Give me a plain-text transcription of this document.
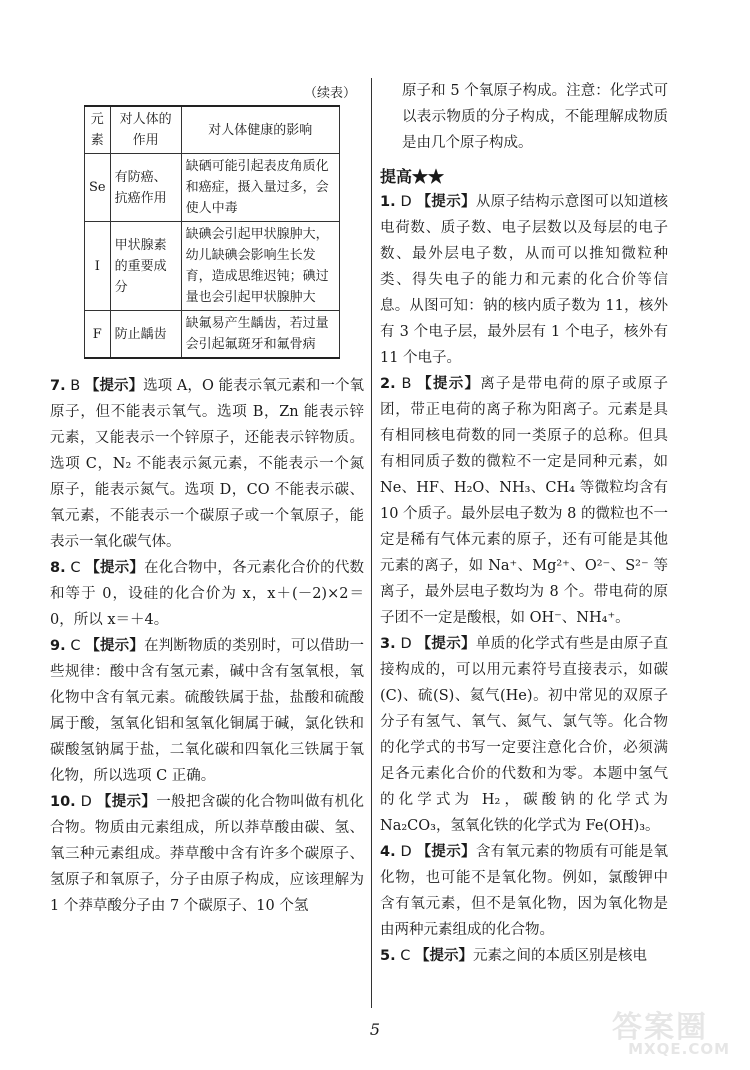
（续表）
元素	对人体的作用	对人体健康的影响
Se	有防癌、抗癌作用	缺硒可能引起表皮角质化和癌症，摄入量过多，会使人中毒
I	甲状腺素的重要成分	缺碘会引起甲状腺肿大，幼儿缺碘会影响生长发育，造成思维迟钝；碘过量也会引起甲状腺肿大
F	防止龋齿	缺氟易产生龋齿，若过量会引起氟斑牙和氟骨病

7. B 【提示】选项 A，O 能表示氧元素和一个氧原子，但不能表示氧气。选项 B，Zn 能表示锌元素，又能表示一个锌原子，还能表示锌物质。选项 C，N₂ 不能表示氮元素，不能表示一个氮原子，能表示氮气。选项 D，CO 不能表示碳、氧元素，不能表示一个碳原子或一个氧原子，能表示一氧化碳气体。

8. C 【提示】在化合物中，各元素化合价的代数和等于 0，设硅的化合价为 x，x＋(－2)×2＝0，所以 x＝＋4。

9. C 【提示】在判断物质的类别时，可以借助一些规律：酸中含有氢元素，碱中含有氢氧根，氧化物中含有氧元素。硫酸铁属于盐，盐酸和硫酸属于酸，氢氧化铝和氢氧化铜属于碱，氯化铁和碳酸氢钠属于盐，二氧化碳和四氧化三铁属于氧化物，所以选项 C 正确。

10. D 【提示】一般把含碳的化合物叫做有机化合物。物质由元素组成，所以莽草酸由碳、氢、氧三种元素组成。莽草酸中含有许多个碳原子、氢原子和氧原子，分子由原子构成，应该理解为 1 个莽草酸分子由 7 个碳原子、10 个氢

原子和 5 个氧原子构成。注意：化学式可以表示物质的分子构成，不能理解成物质是由几个原子构成。

提高★★

1. D 【提示】从原子结构示意图可以知道核电荷数、质子数、电子层数以及每层的电子数、最外层电子数，从而可以推知微粒种类、得失电子的能力和元素的化合价等信息。从图可知：钠的核内质子数为 11，核外有 3 个电子层，最外层有 1 个电子，核外有 11 个电子。

2. B 【提示】离子是带电荷的原子或原子团，带正电荷的离子称为阳离子。元素是具有相同核电荷数的同一类原子的总称。但具有相同质子数的微粒不一定是同种元素，如 Ne、HF、H₂O、NH₃、CH₄ 等微粒均含有 10 个质子。最外层电子数为 8 的微粒也不一定是稀有气体元素的原子，还有可能是其他元素的离子，如 Na⁺、Mg²⁺、O²⁻、S²⁻ 等离子，最外层电子数均为 8 个。带电荷的原子团不一定是酸根，如 OH⁻、NH₄⁺。

3. D 【提示】单质的化学式有些是由原子直接构成的，可以用元素符号直接表示，如碳(C)、硫(S)、氦气(He)。初中常见的双原子分子有氢气、氧气、氮气、氯气等。化合物的化学式的书写一定要注意化合价，必须满足各元素化合价的代数和为零。本题中氢气的化学式为 H₂，碳酸钠的化学式为 Na₂CO₃，氢氧化铁的化学式为 Fe(OH)₃。

4. D 【提示】含有氧元素的物质有可能是氧化物，也可能不是氧化物。例如，氯酸钾中含有氧元素，但不是氧化物，因为氧化物是由两种元素组成的化合物。

5. C 【提示】元素之间的本质区别是核电

5	答案圈
MXQE.COM
